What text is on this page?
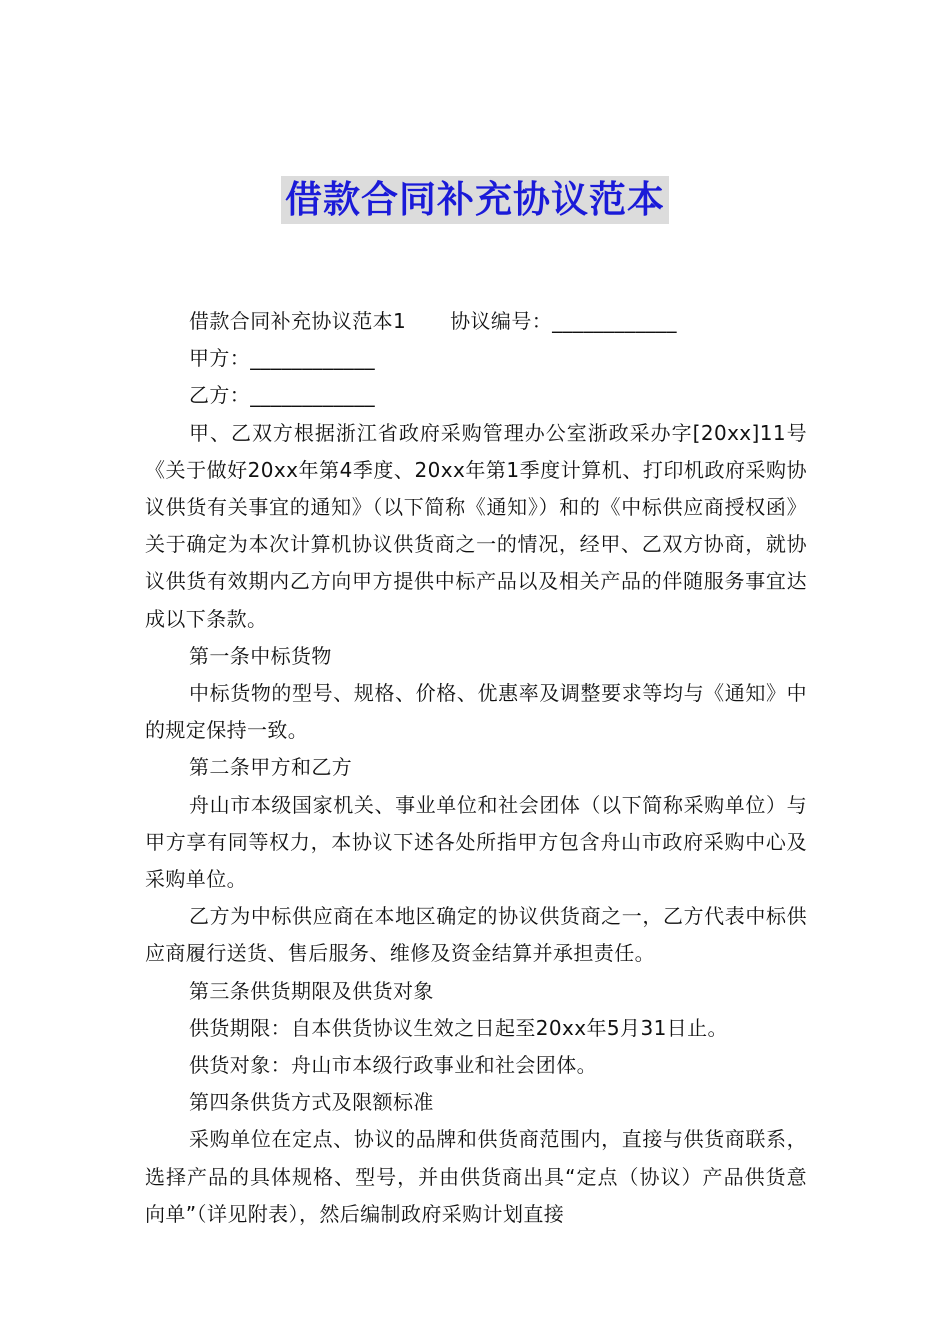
借款合同补充协议范本
借款合同补充协议范本1 协议编号：____________
甲方：____________
乙方：____________

甲、乙双方根据浙江省政府采购管理办公室浙政采办字[20xx]11号《关于做好20xx年第4季度、20xx年第1季度计算机、打印机政府采购协议供货有关事宜的通知》（以下简称《通知》）和的《中标供应商授权函》关于确定为本次计算机协议供货商之一的情况，经甲、乙双方协商，就协议供货有效期内乙方向甲方提供中标产品以及相关产品的伴随服务事宜达成以下条款。

第一条中标货物

中标货物的型号、规格、价格、优惠率及调整要求等均与《通知》中的规定保持一致。

第二条甲方和乙方

舟山市本级国家机关、事业单位和社会团体（以下简称采购单位）与甲方享有同等权力，本协议下述各处所指甲方包含舟山市政府采购中心及采购单位。

乙方为中标供应商在本地区确定的协议供货商之一，乙方代表中标供应商履行送货、售后服务、维修及资金结算并承担责任。

第三条供货期限及供货对象

供货期限：自本供货协议生效之日起至20xx年5月31日止。

供货对象：舟山市本级行政事业和社会团体。

第四条供货方式及限额标准

采购单位在定点、协议的品牌和供货商范围内，直接与供货商联系，选择产品的具体规格、型号，并由供货商出具“定点（协议）产品供货意向单”（详见附表），然后编制政府采购计划直接
